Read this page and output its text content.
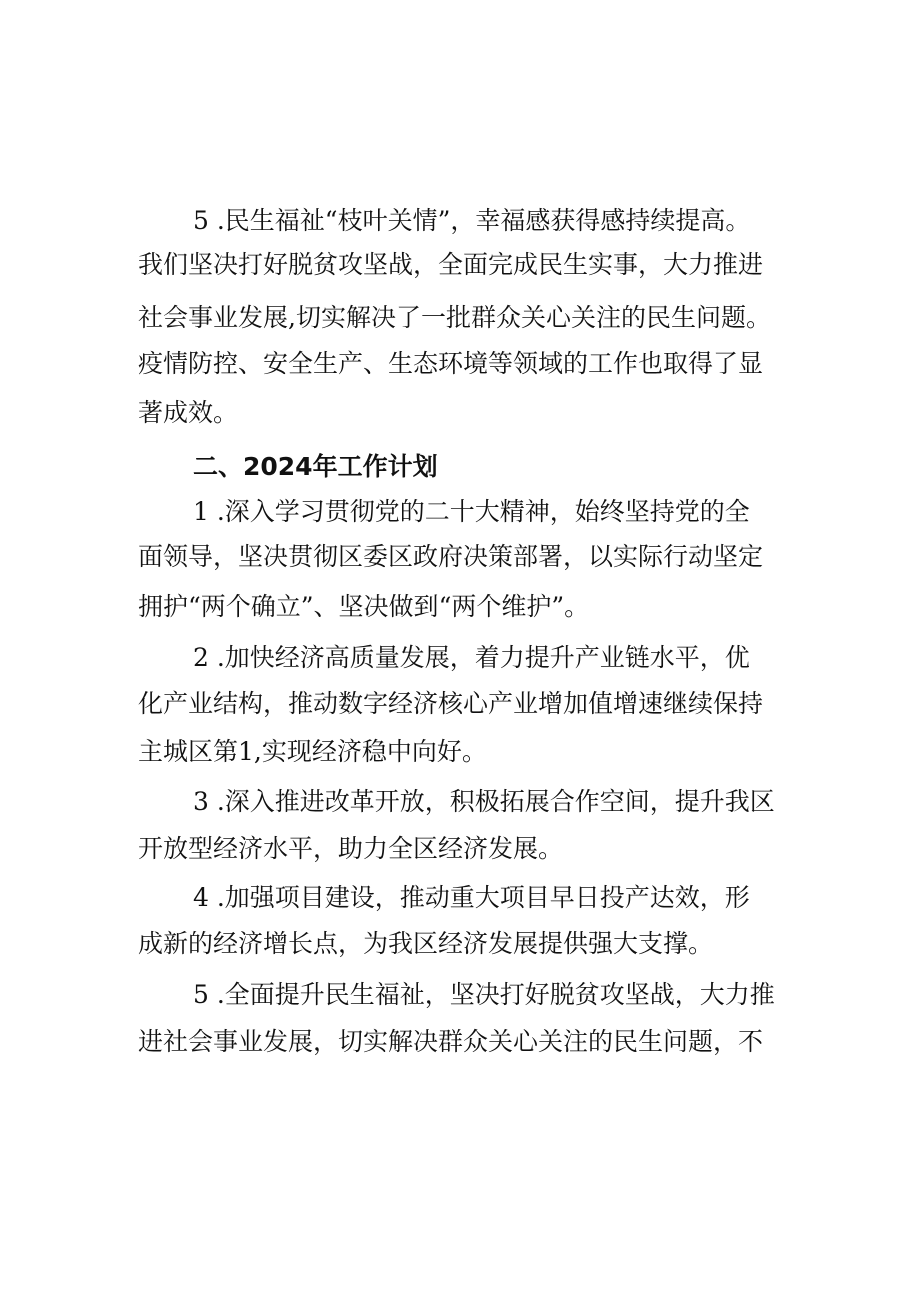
5 .民生福祉“枝叶关情”，幸福感获得感持续提高。
我们坚决打好脱贫攻坚战，全面完成民生实事，大力推进
社会事业发展,切实解决了一批群众关心关注的民生问题。
疫情防控、安全生产、生态环境等领域的工作也取得了显
著成效。
二、2024年工作计划
1 .深入学习贯彻党的二十大精神，始终坚持党的全
面领导，坚决贯彻区委区政府决策部署，以实际行动坚定
拥护“两个确立”、坚决做到“两个维护”。
2 .加快经济高质量发展，着力提升产业链水平，优
化产业结构，推动数字经济核心产业增加值增速继续保持
主城区第1,实现经济稳中向好。
3 .深入推进改革开放，积极拓展合作空间，提升我区
开放型经济水平，助力全区经济发展。
4 .加强项目建设，推动重大项目早日投产达效，形
成新的经济增长点，为我区经济发展提供强大支撑。
5 .全面提升民生福祉，坚决打好脱贫攻坚战，大力推
进社会事业发展，切实解决群众关心关注的民生问题，不
